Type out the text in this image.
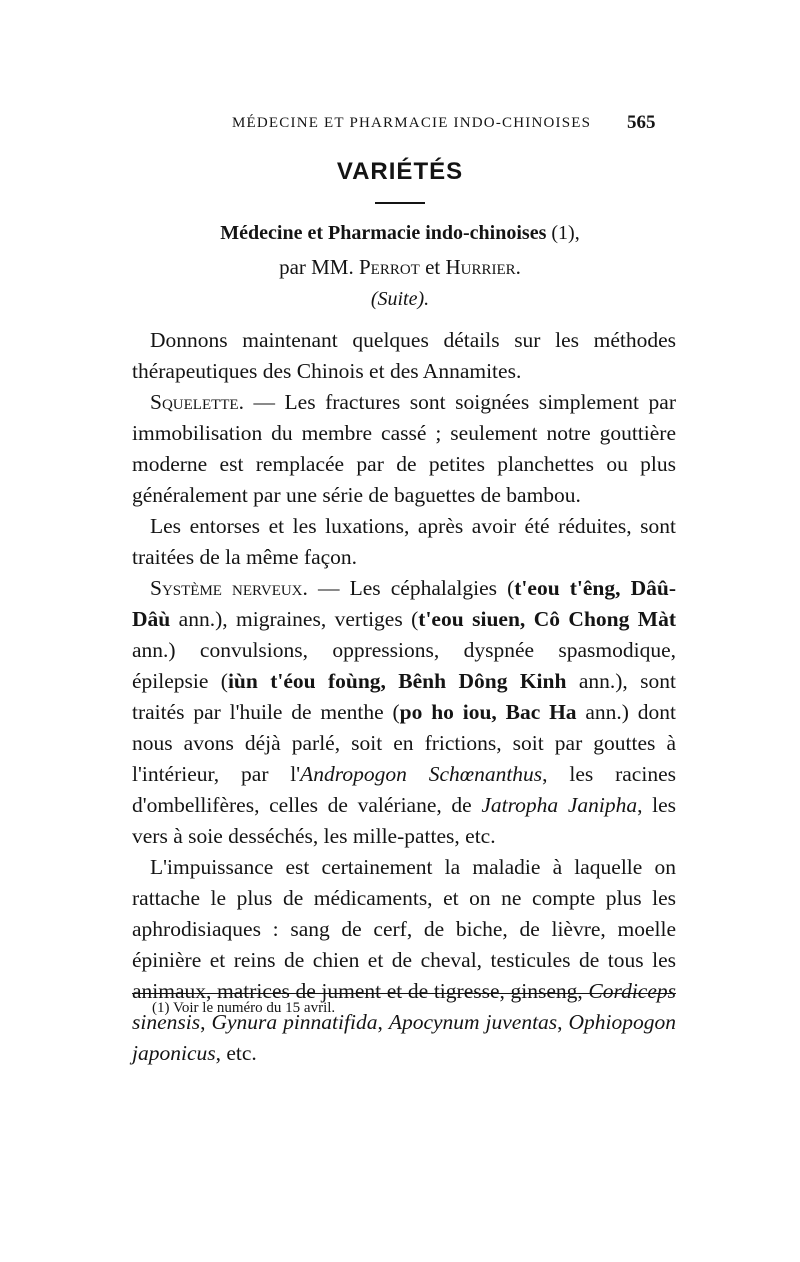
MÉDECINE ET PHARMACIE INDO-CHINOISES 565
VARIÉTÉS
Médecine et Pharmacie indo-chinoises (1),
par MM. Perrot et Hurrier.
(Suite).

Donnons maintenant quelques détails sur les méthodes thérapeutiques des Chinois et des Annamites.

Squelette. — Les fractures sont soignées simplement par immobilisation du membre cassé ; seulement notre gouttière moderne est remplacée par de petites planchettes ou plus généralement par une série de baguettes de bambou.

Les entorses et les luxations, après avoir été réduites, sont traitées de la même façon.

Système nerveux. — Les céphalalgies (t'eou t'êng, Dâû-Dâù ann.), migraines, vertiges (t'eou siuen, Cô Chong Màt ann.) convulsions, oppressions, dyspnée spasmodique, épilepsie (iùn t'éou foùng, Bênh Dông Kinh ann.), sont traités par l'huile de menthe (po ho iou, Bac Ha ann.) dont nous avons déjà parlé, soit en frictions, soit par gouttes à l'intérieur, par l'Andropogon Schœnanthus, les racines d'ombellifères, celles de valériane, de Jatropha Janipha, les vers à soie desséchés, les mille-pattes, etc.

L'impuissance est certainement la maladie à laquelle on rattache le plus de médicaments, et on ne compte plus les aphrodisiaques : sang de cerf, de biche, de lièvre, moelle épinière et reins de chien et de cheval, testicules de tous les animaux, matrices de jument et de tigresse, ginseng, Cordiceps sinensis, Gynura pinnatifida, Apocynum juventas, Ophiopogon japonicus, etc.

(1) Voir le numéro du 15 avril.
